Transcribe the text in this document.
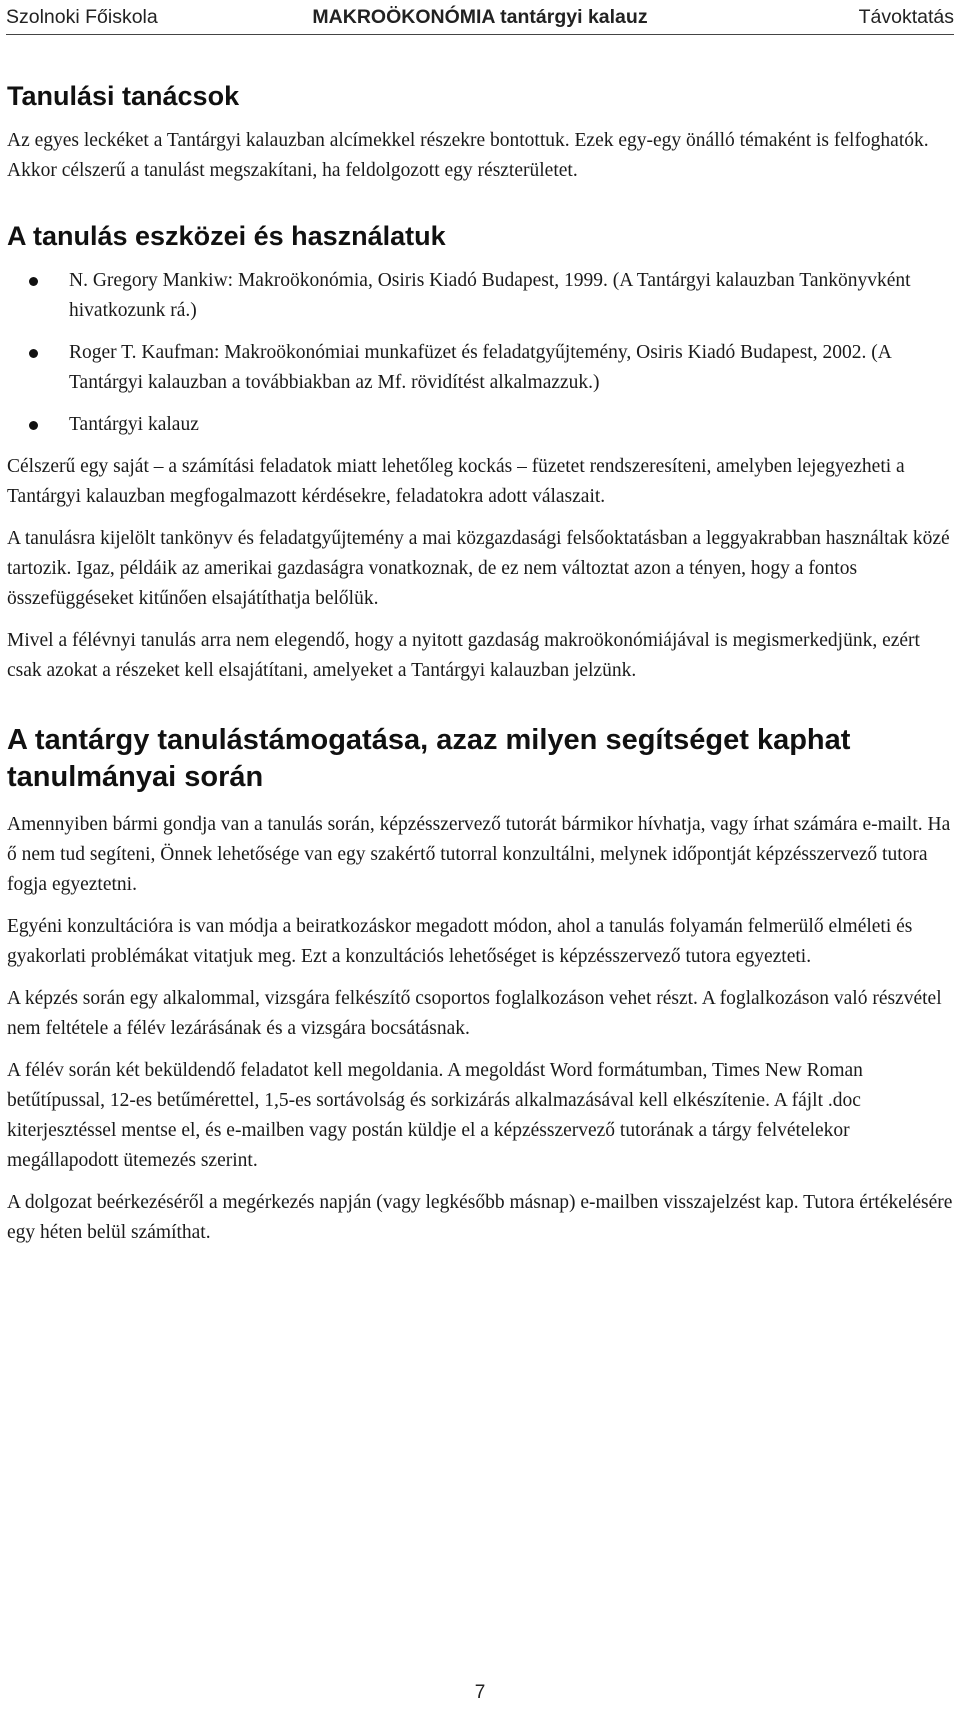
Szolnoki Főiskola	MAKROÖKONÓMIA tantárgyi kalauz	Távoktatás
Tanulási tanácsok

Az egyes leckéket a Tantárgyi kalauzban alcímekkel részekre bontottuk. Ezek egy-egy önálló témaként is felfoghatók. Akkor célszerű a tanulást megszakítani, ha feldolgozott egy részterületet.

A tanulás eszközei és használatuk
N. Gregory Mankiw: Makroökonómia, Osiris Kiadó Budapest, 1999. (A Tantárgyi kalauzban Tankönyvként hivatkozunk rá.)
Roger T. Kaufman: Makroökonómiai munkafüzet és feladatgyűjtemény, Osiris Kiadó Budapest, 2002. (A Tantárgyi kalauzban a továbbiakban az Mf. rövidítést alkalmazzuk.)
Tantárgyi kalauz

Célszerű egy saját – a számítási feladatok miatt lehetőleg kockás – füzetet rendszeresíteni, amelyben lejegyezheti a Tantárgyi kalauzban megfogalmazott kérdésekre, feladatokra adott válaszait.

A tanulásra kijelölt tankönyv és feladatgyűjtemény a mai közgazdasági felsőoktatásban a leggyakrabban használtak közé tartozik. Igaz, példáik az amerikai gazdaságra vonatkoznak, de ez nem változtat azon a tényen, hogy a fontos összefüggéseket kitűnően elsajátíthatja belőlük.

Mivel a félévnyi tanulás arra nem elegendő, hogy a nyitott gazdaság makroökonómiájával is megismerkedjünk, ezért csak azokat a részeket kell elsajátítani, amelyeket a Tantárgyi kalauzban jelzünk.

A tantárgy tanulástámogatása, azaz milyen segítséget kaphat tanulmányai során

Amennyiben bármi gondja van a tanulás során, képzésszervező tutorát bármikor hívhatja, vagy írhat számára e-mailt. Ha ő nem tud segíteni, Önnek lehetősége van egy szakértő tutorral konzultálni, melynek időpontját képzésszervező tutora fogja egyeztetni.

Egyéni konzultációra is van módja a beiratkozáskor megadott módon, ahol a tanulás folyamán felmerülő elméleti és gyakorlati problémákat vitatjuk meg. Ezt a konzultációs lehetőséget is képzésszervező tutora egyezteti.

A képzés során egy alkalommal, vizsgára felkészítő csoportos foglalkozáson vehet részt. A foglalkozáson való részvétel nem feltétele a félév lezárásának és a vizsgára bocsátásnak.

A félév során két beküldendő feladatot kell megoldania. A megoldást Word formátumban, Times New Roman betűtípussal, 12-es betűmérettel, 1,5-es sortávolság és sorkizárás alkalmazásával kell elkészítenie. A fájlt .doc kiterjesztéssel mentse el, és e-mailben vagy postán küldje el a képzésszervező tutorának a tárgy felvételekor megállapodott ütemezés szerint.

A dolgozat beérkezéséről a megérkezés napján (vagy legkésőbb másnap) e-mailben visszajelzést kap. Tutora értékelésére egy héten belül számíthat.

7
